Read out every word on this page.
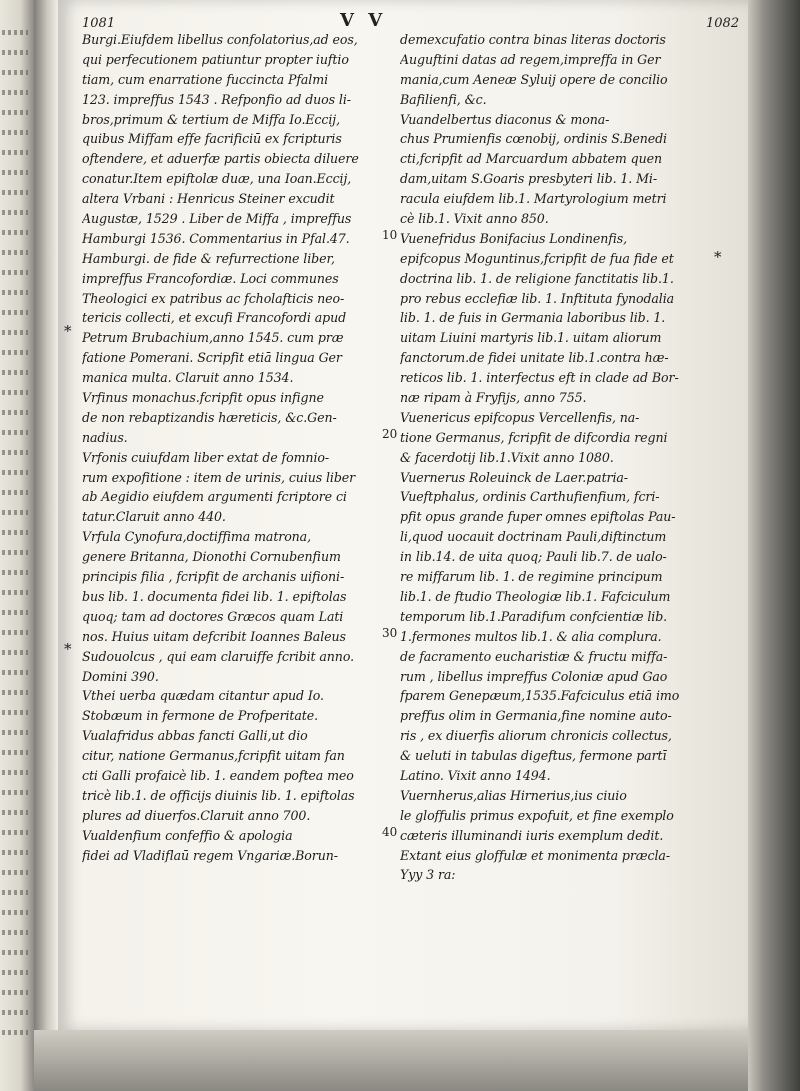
1081	V V	1082
Burgi.Eiufdem libellus confolatorius,ad eos,
qui perfecutionem patiuntur propter iuftio
tiam, cum enarratione fuccincta Pfalmi
123. impreffus 1543 . Refponfio ad duos li-
bros,primum & tertium de Miffa Io.Eccij,
quibus Miffam effe facrificiū ex fcripturis
oftendere, et aduerfæ partis obiecta diluere
conatur.Item epiftolæ duæ, una Ioan.Eccij,
altera Vrbani : Henricus Steiner excudit
Augustæ, 1529 . Liber de Miffa , impreffus
Hamburgi 1536. Commentarius in Pfal.47.
Hamburgi. de fide & refurrectione liber,
impreffus Francofordiæ. Loci communes
Theologici ex patribus ac fcholafticis neo-
tericis collecti, et excufi Francofordi apud
Petrum Brubachium,anno 1545. cum præ
fatione Pomerani. Scripfit etiā lingua Ger
manica multa. Claruit anno 1534.
Vrfinus monachus.fcripfit opus infigne
de non rebaptizandis hæreticis, &c.Gen-
nadius.
Vrfonis cuiufdam liber extat de fomnio-
rum expofitione : item de urinis, cuius liber
ab Aegidio eiufdem argumenti fcriptore ci
tatur.Claruit anno 440.
Vrfula Cynofura,doctiffima matrona,
genere Britanna, Dionothi Cornubenfium
principis filia , fcripfit de archanis uifioni-
bus lib. 1. documenta fidei lib. 1. epiftolas
quoq; tam ad doctores Græcos quam Lati
nos. Huius uitam defcribit Ioannes Baleus
Sudouolcus , qui eam claruiffe fcribit anno.
Domini 390.
Vthei uerba quædam citantur apud Io.
Stobæum in fermone de Profperitate.
Vualafridus abbas fancti Galli,ut dio
citur, natione Germanus,fcripfit uitam fan
cti Galli profaicè lib. 1. eandem poftea meo
tricè lib.1. de officijs diuinis lib. 1. epiftolas
plures ad diuerfos.Claruit anno 700.
Vualdenfium confeffio & apologia
fidei ad Vladiflaū regem Vngariæ.Borun-
demexcufatio contra binas literas doctoris
Auguftini datas ad regem,impreffa in Ger
mania,cum Aeneæ Syluij opere de concilio
Bafilienfi, &c.
Vuandelbertus diaconus & mona-
chus Prumienfis cœnobij, ordinis S.Benedi
cti,fcripfit ad Marcuardum abbatem quen
dam,uitam S.Goaris presbyteri lib. 1. Mi-
racula eiufdem lib.1. Martyrologium metri
cè lib.1. Vixit anno 850.
Vuenefridus Bonifacius Londinenfis,
epifcopus Moguntinus,fcripfit de fua fide et
doctrina lib. 1. de religione fanctitatis lib.1.
pro rebus ecclefiæ lib. 1. Inftituta fynodalia
lib. 1. de fuis in Germania laboribus lib. 1.
uitam Liuini martyris lib.1. uitam aliorum
fanctorum.de fidei unitate lib.1.contra hæ-
reticos lib. 1. interfectus eft in clade ad Bor-
næ ripam à Fryfijs, anno 755.
Vuenericus epifcopus Vercellenfis, na-
tione Germanus, fcripfit de difcordia regni
& facerdotij lib.1.Vixit anno 1080.
Vuernerus Roleuinck de Laer.patria-
Vueftphalus, ordinis Carthufienfium, fcri-
pfit opus grande fuper omnes epiftolas Pau-
li,quod uocauit doctrinam Pauli,diftinctum
in lib.14. de uita quoq; Pauli lib.7. de ualo-
re miffarum lib. 1. de regimine principum
lib.1. de ftudio Theologiæ lib.1. Fafciculum
temporum lib.1.Paradifum confcientiæ lib.
1.fermones multos lib.1. & alia complura.
de facramento eucharistiæ & fructu miffa-
rum , libellus impreffus Coloniæ apud Gao
fparem Genepæum,1535.Fafciculus etiā imo
preffus olim in Germania,fine nomine auto-
ris , ex diuerfis aliorum chronicis collectus,
& ueluti in tabulas digeftus, fermone partī
Latino. Vixit anno 1494.
Vuernherus,alias Hirnerius,ius ciuio
le gloffulis primus expofuit, et fine exemplo
cæteris illuminandi iuris exemplum dedit.
Extant eius gloffulæ et monimenta præcla-
Yyy 3 ra:
10
20
30
40
*
*
*
